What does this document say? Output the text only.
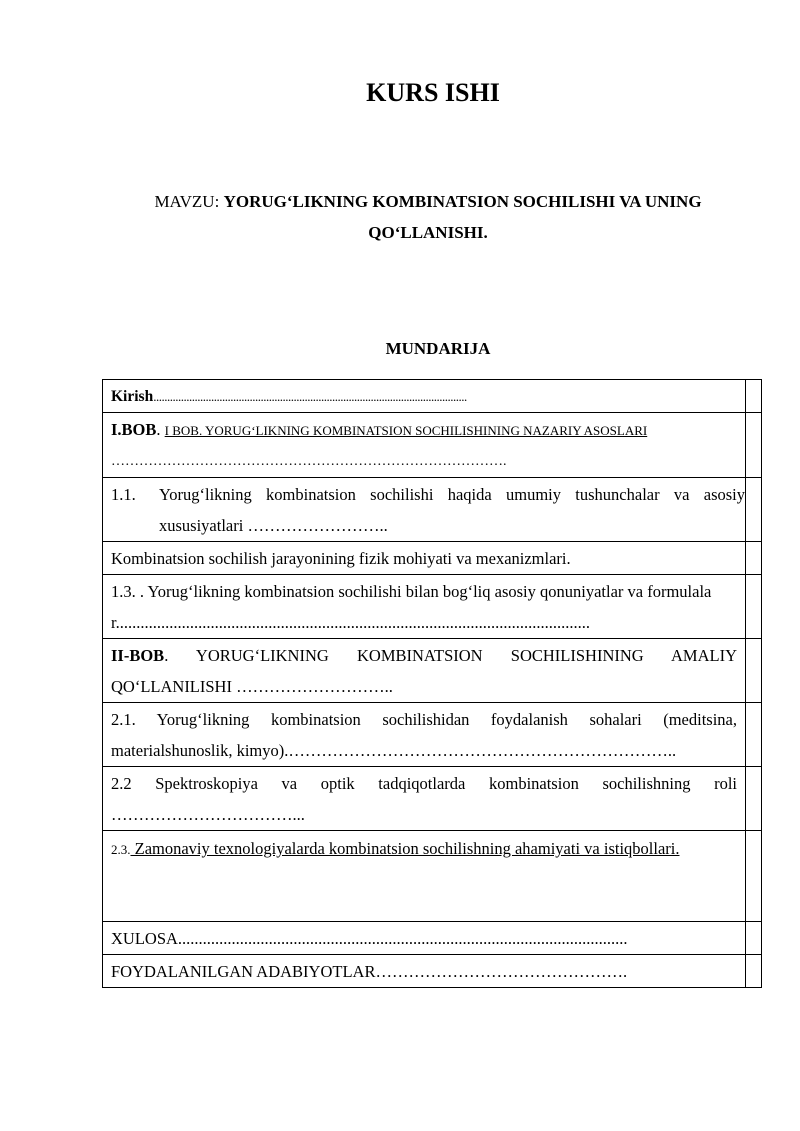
KURS ISHI
MAVZU: YORUG‘LIKNING KOMBINATSION SOCHILISHI VA UNING QO‘LLANISHI.
MUNDARIJA
Kirish..................................................................................................................	

I.BOB. I BOB. YORUG‘LIKNING KOMBINATSION SOCHILISHINING NAZARIY ASOSLARI
………………………………………………………………………….	

1.1. Yorug‘likning kombinatsion sochilishi haqida umumiy tushunchalar va asosiy xususiyatlari ……………………..	

Kombinatsion sochilish jarayonining fizik mohiyati va mexanizmlari.	

1.3. . Yorug‘likning kombinatsion sochilishi bilan bog‘liq asosiy qonuniyatlar va formulalar...................................................................................................................	

II-BOB. YORUG‘LIKNING KOMBINATSION SOCHILISHINING AMALIY QO‘LLANILISHI ………………………..	

2.1. Yorug‘likning kombinatsion sochilishidan foydalanish sohalari (meditsina, materialshunoslik, kimyo).……………………………………………………………..	

2.2 Spektroskopiya va optik tadqiqotlarda kombinatsion sochilishning roli ……………………………...	

2.3. Zamonaviy texnologiyalarda kombinatsion sochilishning ahamiyati va istiqbollari.	
XULOSA.............................................................................................................	
FOYDALANILGAN ADABIYOTLAR……………………………………….	
